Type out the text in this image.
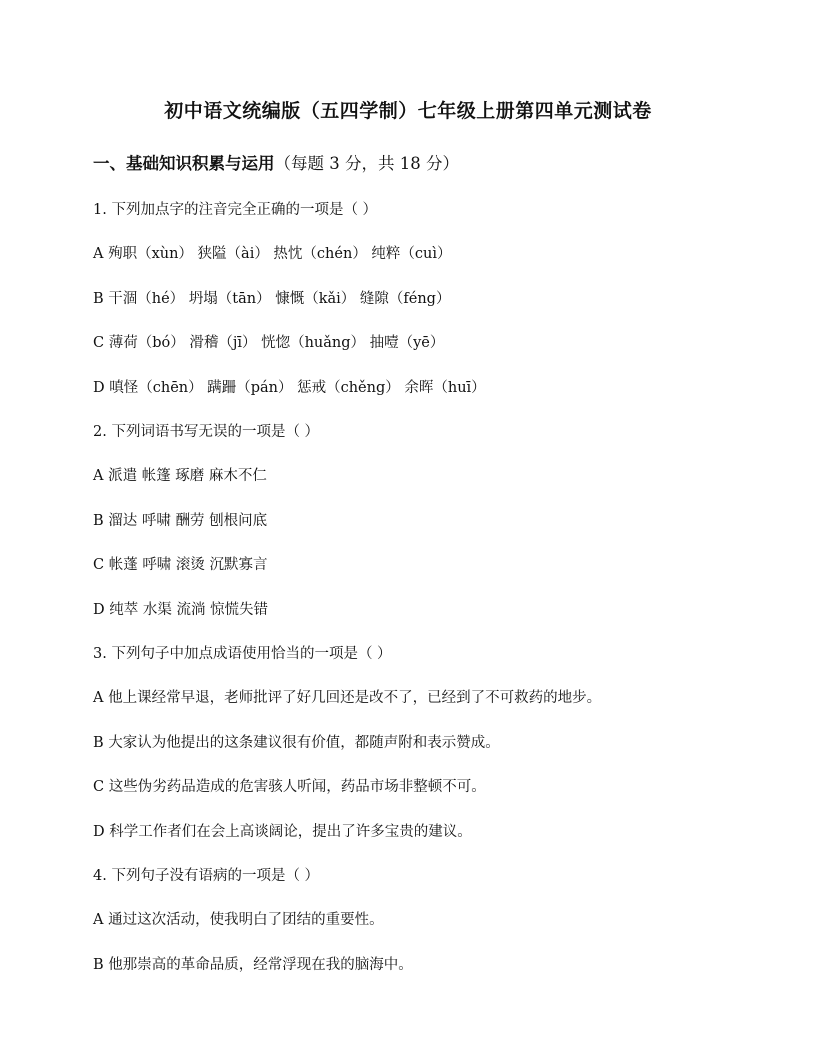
初中语文统编版（五四学制）七年级上册第四单元测试卷
一、基础知识积累与运用（每题 3 分，共 18 分）
1. 下列加点字的注音完全正确的一项是（ ）
A 殉职（xùn） 狭隘（ài） 热忱（chén） 纯粹（cuì）
B 干涸（hé） 坍塌（tān） 慷慨（kǎi） 缝隙（féng）
C 薄荷（bó） 滑稽（jī） 恍惚（huǎng） 抽噎（yē）
D 嗔怪（chēn） 蹒跚（pán） 惩戒（chěng） 余晖（huī）
2. 下列词语书写无误的一项是（ ）
A 派遣 帐篷 琢磨 麻木不仁
B 溜达 呼啸 酬劳 刨根问底
C 帐蓬 呼啸 滚烫 沉默寡言
D 纯萃 水渠 流淌 惊慌失错
3. 下列句子中加点成语使用恰当的一项是（ ）
A 他上课经常早退，老师批评了好几回还是改不了，已经到了不可救药的地步。
B 大家认为他提出的这条建议很有价值，都随声附和表示赞成。
C 这些伪劣药品造成的危害骇人听闻，药品市场非整顿不可。
D 科学工作者们在会上高谈阔论，提出了许多宝贵的建议。
4. 下列句子没有语病的一项是（ ）
A 通过这次活动，使我明白了团结的重要性。
B 他那崇高的革命品质，经常浮现在我的脑海中。
